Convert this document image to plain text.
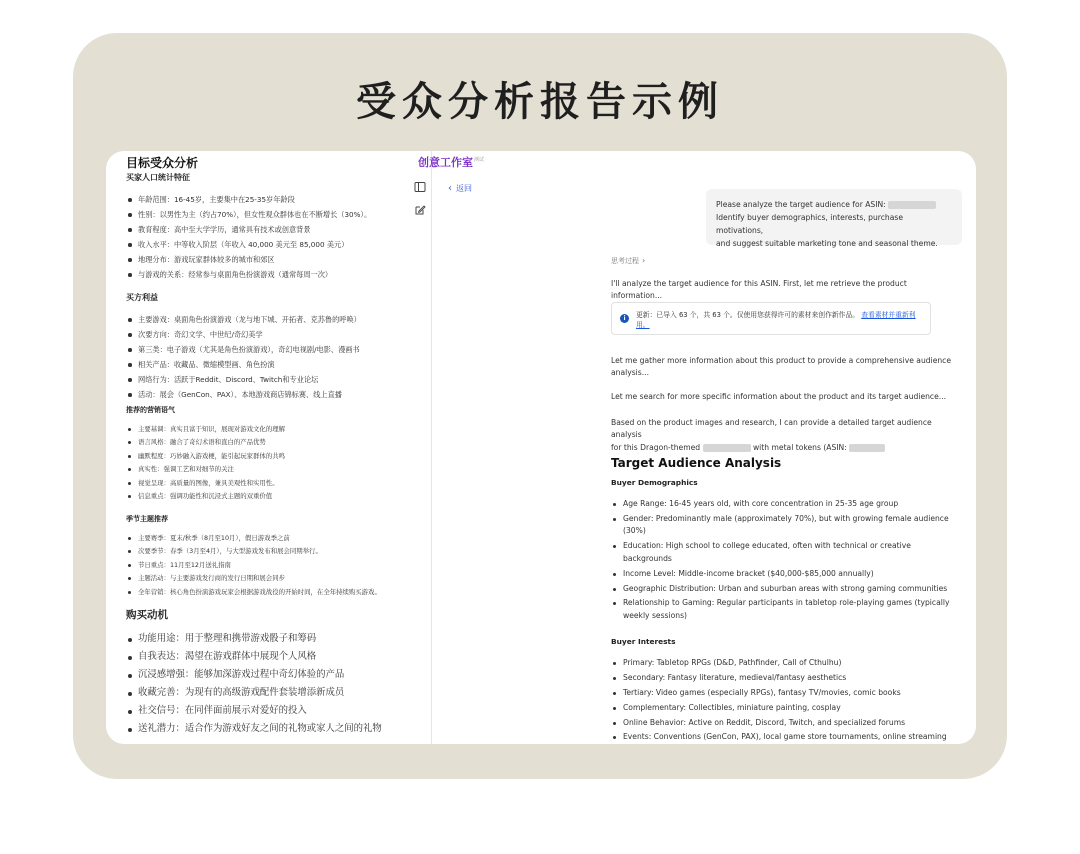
受众分析报告示例
目标受众分析
买家人口统计特征
年龄范围：16-45岁，主要集中在25-35岁年龄段
性别：以男性为主（约占70%），但女性观众群体也在不断增长（30%）。
教育程度：高中至大学学历，通常具有技术或创意背景
收入水平：中等收入阶层（年收入 40,000 美元至 85,000 美元）
地理分布：游戏玩家群体较多的城市和郊区
与游戏的关系：经常参与桌面角色扮演游戏（通常每周一次）
买方利益
主要游戏：桌面角色扮演游戏（龙与地下城、开拓者、克苏鲁的呼唤）
次要方向：奇幻文学、中世纪/奇幻美学
第三类：电子游戏（尤其是角色扮演游戏），奇幻电视剧/电影、漫画书
相关产品：收藏品、微缩模型画、角色扮演
网络行为：活跃于Reddit、Discord、Twitch和专业论坛
活动：展会（GenCon、PAX）、本地游戏商店锦标赛、线上直播
推荐的营销语气
主要基调：真实且富于知识，展现对游戏文化的理解
语言风格：融合了奇幻术语和直白的产品优势
幽默程度：巧妙融入游戏梗，能引起玩家群体的共鸣
真实性：强调工艺和对细节的关注
视觉呈现：高质量的图像，兼具美观性和实用性。
信息重点：强调功能性和沉浸式主题的双重价值
季节主题推荐
主要赛季：夏末/秋季（8月至10月），假日游戏季之前
次要季节：春季（3月至4月），与大型游戏发布和展会同期举行。
节日重点：11月至12月送礼指南
主题活动：与主要游戏发行商的发行日期和展会同步
全年营销：核心角色扮演游戏玩家会根据游戏战役的开始时间，在全年持续购买游戏。
购买动机
功能用途：用于整理和携带游戏骰子和筹码
自我表达：渴望在游戏群体中展现个人风格
沉浸感增强：能够加深游戏过程中奇幻体验的产品
收藏完善：为现有的高级游戏配件套装增添新成员
社交信号：在同伴面前展示对爱好的投入
送礼潜力：适合作为游戏好友之间的礼物或家人之间的礼物
创意工作室$^{测试}$
‹ 返回
Please analyze the target audience for ASIN:
Identify buyer demographics, interests, purchase motivations,
and suggest suitable marketing tone and seasonal theme.
思考过程 ›
I'll analyze the target audience for this ASIN. First, let me retrieve the product information...
i	更新：已导入 63 个，共 63 个。仅使用您获得许可的素材来创作新作品。 查看素材并重新利用。
Let me gather more information about this product to provide a comprehensive audience analysis...
Let me search for more specific information about the product and its target audience...
Based on the product images and research, I can provide a detailed target audience analysis
for this Dragon-themed	with metal tokens (ASIN:
Target Audience Analysis
Buyer Demographics
Age Range: 16-45 years old, with core concentration in 25-35 age group
Gender: Predominantly male (approximately 70%), but with growing female audience (30%)
Education: High school to college educated, often with technical or creative backgrounds
Income Level: Middle-income bracket ($40,000-$85,000 annually)
Geographic Distribution: Urban and suburban areas with strong gaming communities
Relationship to Gaming: Regular participants in tabletop role-playing games (typically weekly sessions)
Buyer Interests
Primary: Tabletop RPGs (D&D, Pathfinder, Call of Cthulhu)
Secondary: Fantasy literature, medieval/fantasy aesthetics
Tertiary: Video games (especially RPGs), fantasy TV/movies, comic books
Complementary: Collectibles, miniature painting, cosplay
Online Behavior: Active on Reddit, Discord, Twitch, and specialized forums
Events: Conventions (GenCon, PAX), local game store tournaments, online streaming
